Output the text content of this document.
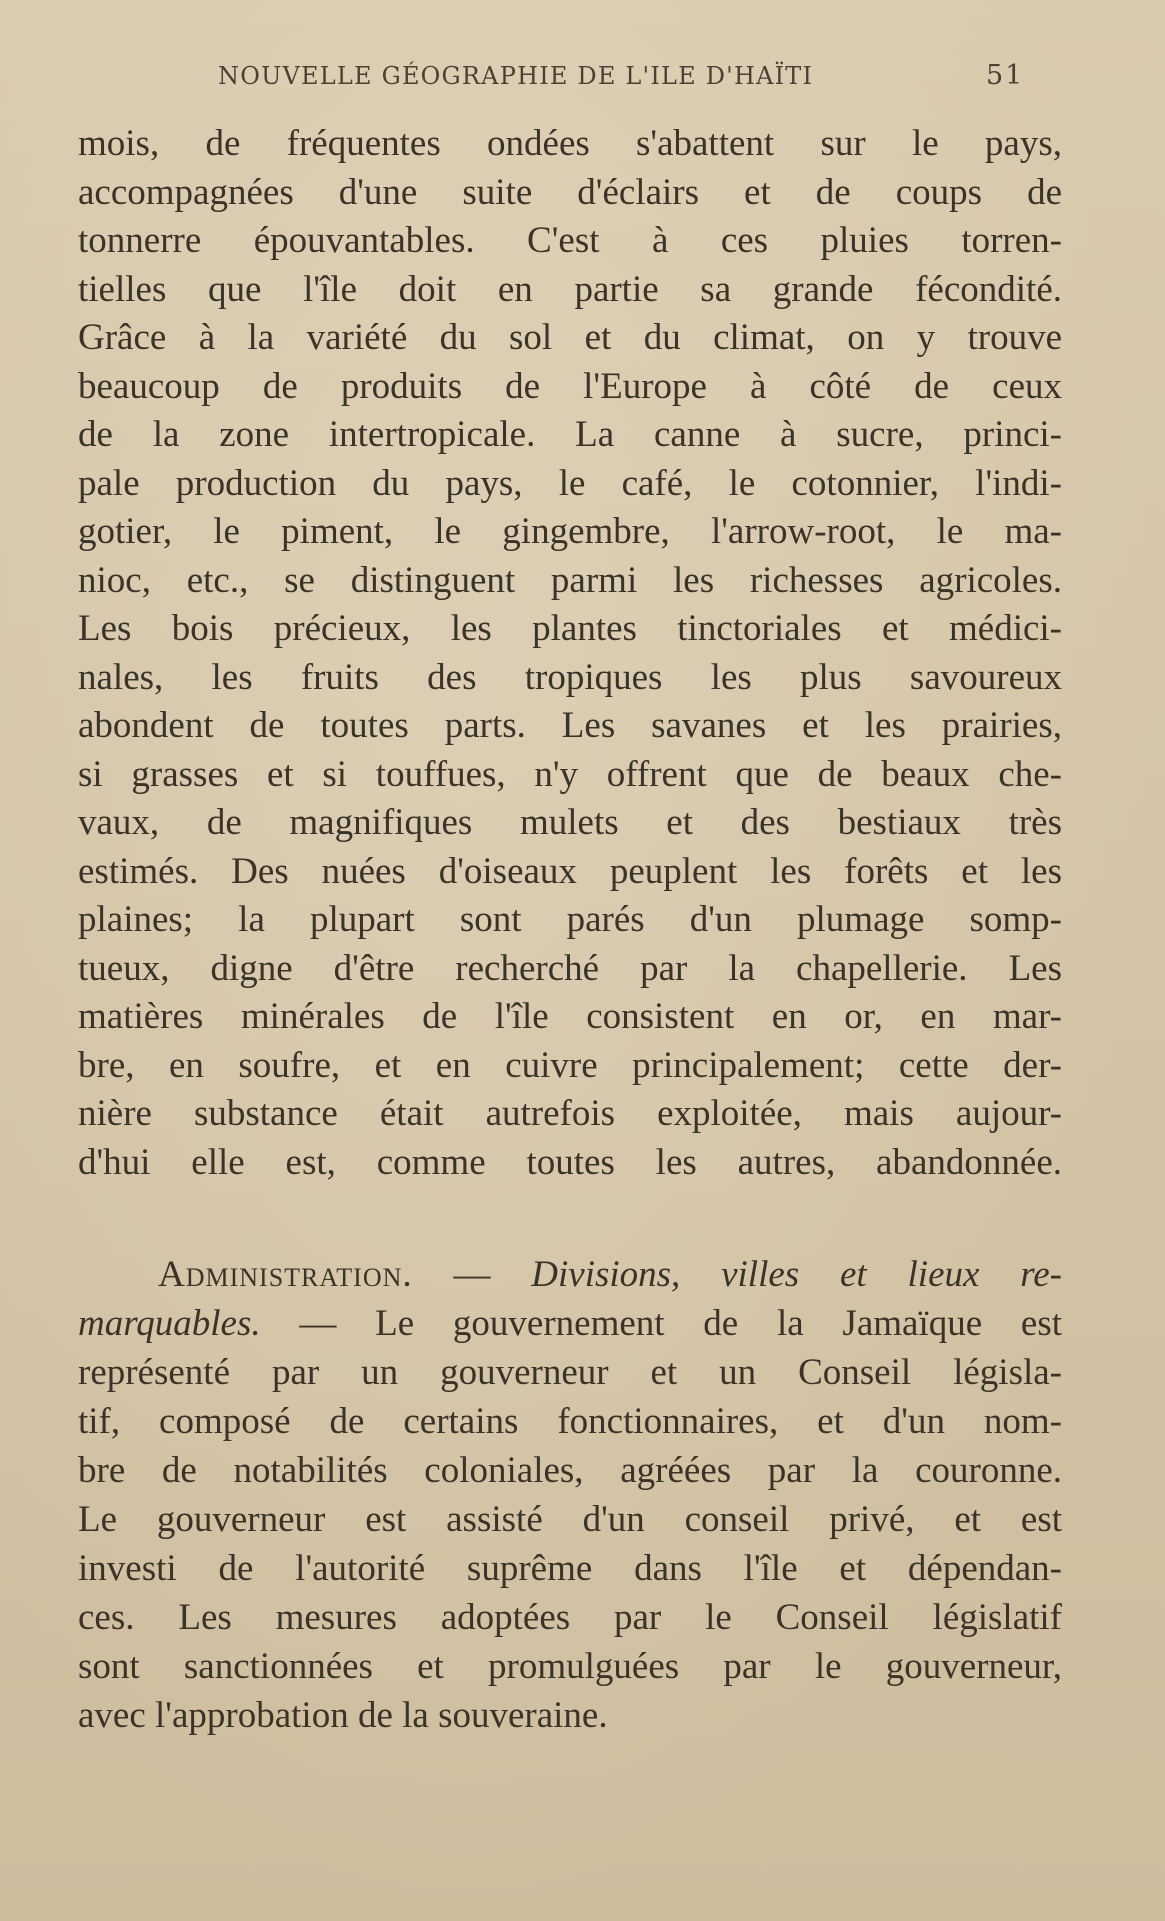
NOUVELLE GÉOGRAPHIE DE L'ILE D'HAÏTI	51
mois, de fréquentes ondées s'abattent sur le pays,
accompagnées d'une suite d'éclairs et de coups de
tonnerre épouvantables. C'est à ces pluies torren-
tielles que l'île doit en partie sa grande fécondité.
Grâce à la variété du sol et du climat, on y trouve
beaucoup de produits de l'Europe à côté de ceux
de la zone intertropicale. La canne à sucre, princi-
pale production du pays, le café, le cotonnier, l'indi-
gotier, le piment, le gingembre, l'arrow-root, le ma-
nioc, etc., se distinguent parmi les richesses agricoles.
Les bois précieux, les plantes tinctoriales et médici-
nales, les fruits des tropiques les plus savoureux
abondent de toutes parts. Les savanes et les prairies,
si grasses et si touffues, n'y offrent que de beaux che-
vaux, de magnifiques mulets et des bestiaux très
estimés. Des nuées d'oiseaux peuplent les forêts et les
plaines; la plupart sont parés d'un plumage somp-
tueux, digne d'être recherché par la chapellerie. Les
matières minérales de l'île consistent en or, en mar-
bre, en soufre, et en cuivre principalement; cette der-
nière substance était autrefois exploitée, mais aujour-
d'hui elle est, comme toutes les autres, abandonnée.
Administration. — Divisions, villes et lieux re-
marquables. — Le gouvernement de la Jamaïque est
représenté par un gouverneur et un Conseil législa-
tif, composé de certains fonctionnaires, et d'un nom-
bre de notabilités coloniales, agréées par la couronne.
Le gouverneur est assisté d'un conseil privé, et est
investi de l'autorité suprême dans l'île et dépendan-
ces. Les mesures adoptées par le Conseil législatif
sont sanctionnées et promulguées par le gouverneur,
avec l'approbation de la souveraine.
